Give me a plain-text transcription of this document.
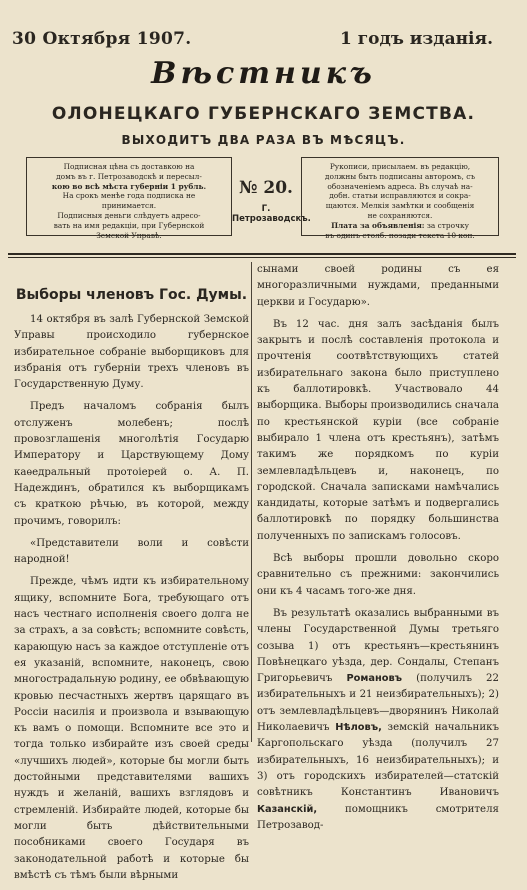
30 Октября 1907.	1 годъ изданія.
Вѣстникъ
ОЛОНЕЦКАГО ГУБЕРНСКАГО ЗЕМСТВА.
ВЫХОДИТЪ ДВА РАЗА ВЪ МѢСЯЦЪ.
Подписная цѣна съ доставкою на
домъ въ г. Петрозаводскѣ и пересыл-
кою во всѣ мѣста губерніи 1 рубль.
На срокъ менѣе года подписка не
принимается.
Подписныя деньги слѣдуетъ адресо-
вать на имя редакціи, при Губернской
Земской Управѣ.
№ 20.
Г. Петрозаводскъ.
Рукописи, присылаем. въ редакцію,
должны быть подписаны авторомъ, съ
обозначеніемъ адреса. Въ случаѣ на-
добн. статьи исправляются и сокра-
щаются. Мелкія замѣтки и сообщенія
не сохраняются.
Плата за объявленія: за строчку
въ одинъ столб. позади текста 10 коп.
Выборы членовъ Гос. Думы.

14 октября въ залѣ Губернской Земской Управы происходило губернское избирательное собраніе выборщиковъ для избранія отъ губерніи трехъ членовъ въ Государственную Думу.

Предъ началомъ собранія былъ отслуженъ молебенъ; послѣ провозглашенія многолѣтія Государю Императору и Царствующему Дому каѳедральный протоіерей о. А. П. Надеждинъ, обратился къ выборщикамъ съ краткою рѣчью, въ которой, между прочимъ, говорилъ:

«Представители воли и совѣсти народной!

Прежде, чѣмъ идти къ избирательному ящику, вспомните Бога, требующаго отъ насъ честнаго исполненія своего долга не за страхъ, а за совѣсть; вспомните совѣсть, карающую насъ за каждое отступленіе отъ ея указаній, вспомните, наконецъ, свою многострадальную родину, ее обвѣвающую кровью песчастныхъ жертвъ царящаго въ Россіи насилія и произвола и взывающую къ вамъ о помощи. Вспомните все это и тогда только избирайте изъ своей среды «лучшихъ людей», которые бы могли быть достойными представителями вашихъ нуждъ и желаній, вашихъ взглядовъ и стремленій. Избирайте людей, которые бы могли быть дѣйствительными пособниками своего Государя въ законодательной работѣ и которые бы вмѣстѣ съ тѣмъ были вѣрными

сынами своей родины съ ея многоразличными нуждами, преданными церкви и Государю».

Въ 12 час. дня залъ засѣданія былъ закрытъ и послѣ составленія протокола и прочтенія соотвѣтствующихъ статей избирательнаго закона было приступлено къ баллотировкѣ. Участвовало 44 выборщика. Выборы производились сначала по крестьянской куріи (все собраніе выбирало 1 члена отъ крестьянъ), затѣмъ такимъ же порядкомъ по куріи землевладѣльцевъ и, наконецъ, по городской. Сначала записками намѣчались кандидаты, которые затѣмъ и подвергались баллотировкѣ по порядку большинства полученныхъ по запискамъ голосовъ.

Всѣ выборы прошли довольно скоро сравнительно съ прежними: закончились они къ 4 часамъ того-же дня.

Въ результатѣ оказались выбранными въ члены Государственной Думы третьяго созыва 1) отъ крестьянъ—крестьянинъ Повѣнецкаго уѣзда, дер. Сондалы, Степанъ Григорьевичъ Романовъ (получилъ 22 избирательныхъ и 21 неизбирательныхъ); 2) отъ землевладѣльцевъ—дворянинъ Николай Николаевичъ Нѣловъ, земскій начальникъ Каргопольскаго уѣзда (получилъ 27 избирательныхъ, 16 неизбирательныхъ); и 3) отъ городскихъ избирателей—статскій совѣтникъ Константинъ Ивановичъ Казанскій,	помощникъ смотрителя Петрозавод-
